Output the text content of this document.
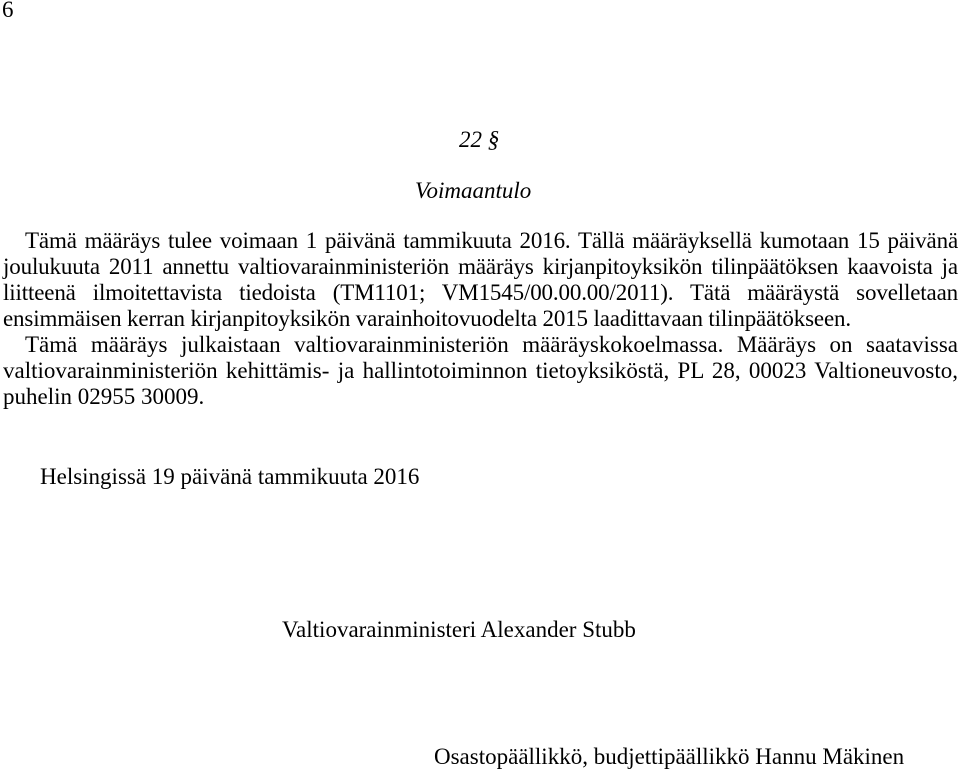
6
22 §
Voimaantulo
Tämä määräys tulee voimaan 1 päivänä tammikuuta 2016. Tällä määräyksellä kumotaan 15 päivänä joulukuuta 2011 annettu valtiovarainministeriön määräys kirjanpitoyksikön tilinpäätöksen kaavoista ja liitteenä ilmoitettavista tiedoista (TM1101; VM1545/00.00.00/2011). Tätä määräystä sovelletaan ensimmäisen kerran kirjanpitoyksikön varainhoitovuodelta 2015 laadittavaan tilinpäätökseen.
Tämä määräys julkaistaan valtiovarainministeriön määräyskokoelmassa. Määräys on saatavissa valtiovarainministeriön kehittämis- ja hallintotoiminnon tietoyksiköstä, PL 28, 00023 Valtioneuvosto, puhelin 02955 30009.
Helsingissä 19 päivänä tammikuuta 2016
Valtiovarainministeri Alexander Stubb
Osastopäällikkö, budjettipäällikkö Hannu Mäkinen
